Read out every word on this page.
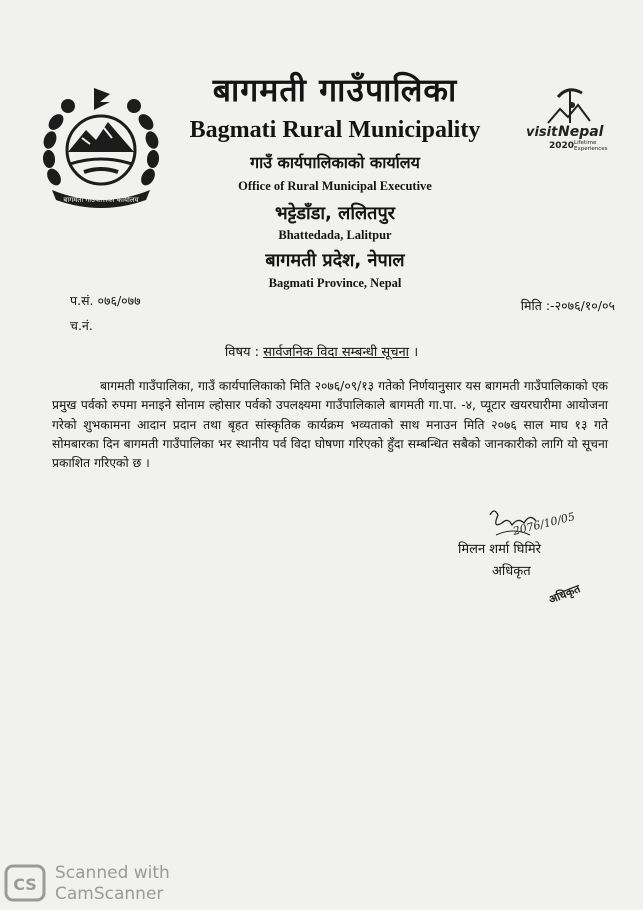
बागमती गाउँपालिका कार्यालय
बागमती गाउँपालिका
Bagmati Rural Municipality
गाउँ कार्यपालिकाको कार्यालय
Office of Rural Municipal Executive
भट्टेडाँडा, ललितपुर
Bhattedada, Lalitpur
बागमती प्रदेश, नेपाल
Bagmati Province, Nepal
visit Nepal
2020 Lifetime
Experiences
प.सं. ०७६/०७७
च.नं.
मिति :-२०७६/१०/०५
विषय : सार्वजनिक विदा सम्बन्धी सूचना ।
बागमती गाउँपालिका, गाउँ कार्यपालिकाको मिति २०७६/०९/१३ गतेको निर्णयानुसार यस बागमती गाउँपालिकाको एक प्रमुख पर्वको रुपमा मनाइने सोनाम ल्होसार पर्वको उपलक्ष्यमा गाउँपालिकाले बागमती गा.पा. -४, प्यूटार खयरघारीमा आयोजना गरेको शुभकामना आदान प्रदान तथा बृहत सांस्कृतिक कार्यक्रम भव्यताको साथ मनाउन मिति २०७६ साल माघ १३ गते सोमबारका दिन बागमती गाउँपालिका भर स्थानीय पर्व विदा घोषणा गरिएको हुँदा सम्बन्धित सबैको जानकारीको लागि यो सूचना प्रकाशित गरिएको छ ।
2076/10/05
मिलन शर्मा घिमिरे
अधिकृत
अधिकृत
CS
Scanned with
CamScanner
